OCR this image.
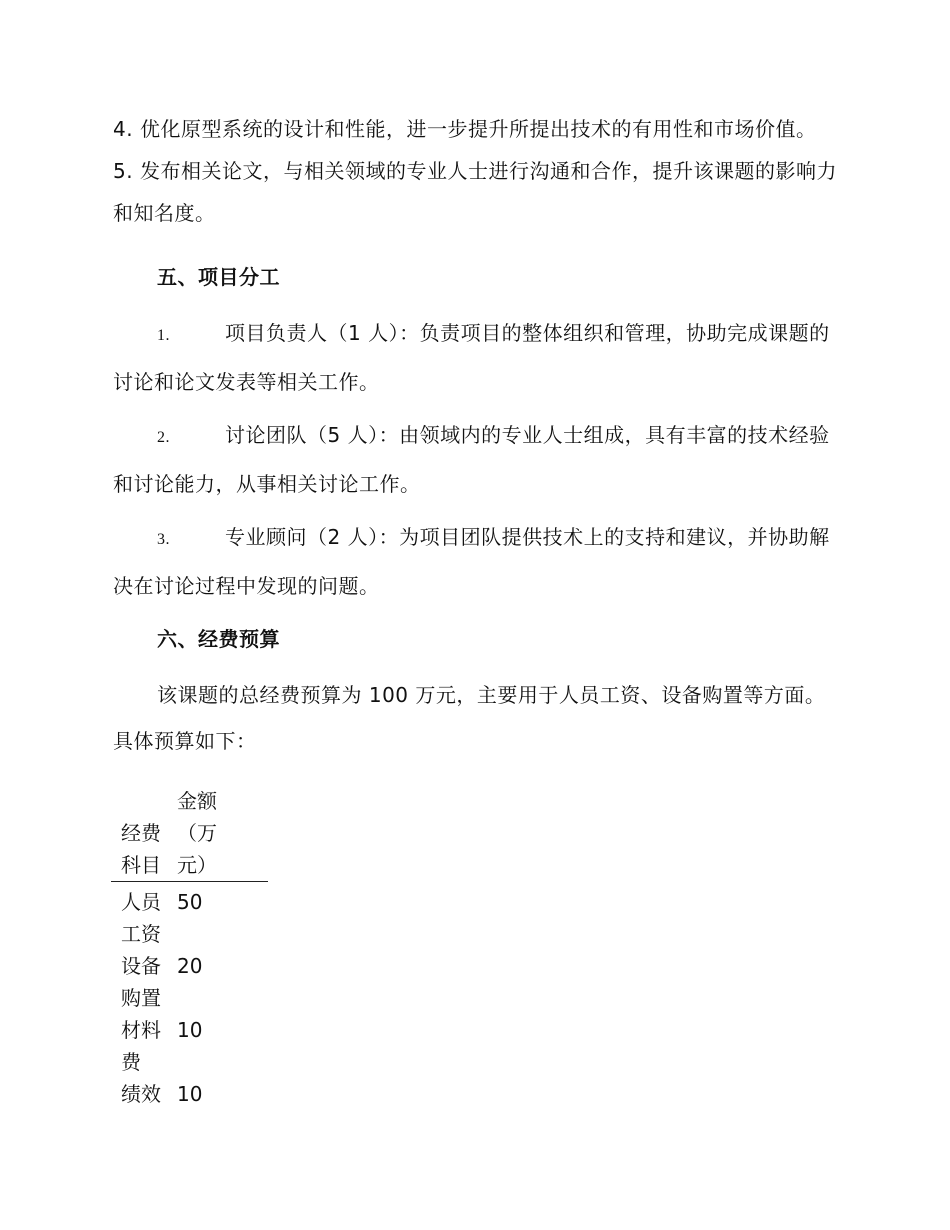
4. 优化原型系统的设计和性能，进一步提升所提出技术的有用性和市场价值。 5. 发布相关论文，与相关领域的专业人士进行沟通和合作，提升该课题的影响力和知名度。

五、项目分工

1.	项目负责人（1 人）：负责项目的整体组织和管理，协助完成课题的讨论和论文发表等相关工作。

2.	讨论团队（5 人）：由领域内的专业人士组成，具有丰富的技术经验和讨论能力，从事相关讨论工作。

3.	专业顾问（2 人）：为项目团队提供技术上的支持和建议，并协助解决在讨论过程中发现的问题。

六、经费预算

该课题的总经费预算为 100 万元，主要用于人员工资、设备购置等方面。具体预算如下：

经费科目	金额（万元）

人员工资	50

设备购置	20

材料费	10

绩效	10
